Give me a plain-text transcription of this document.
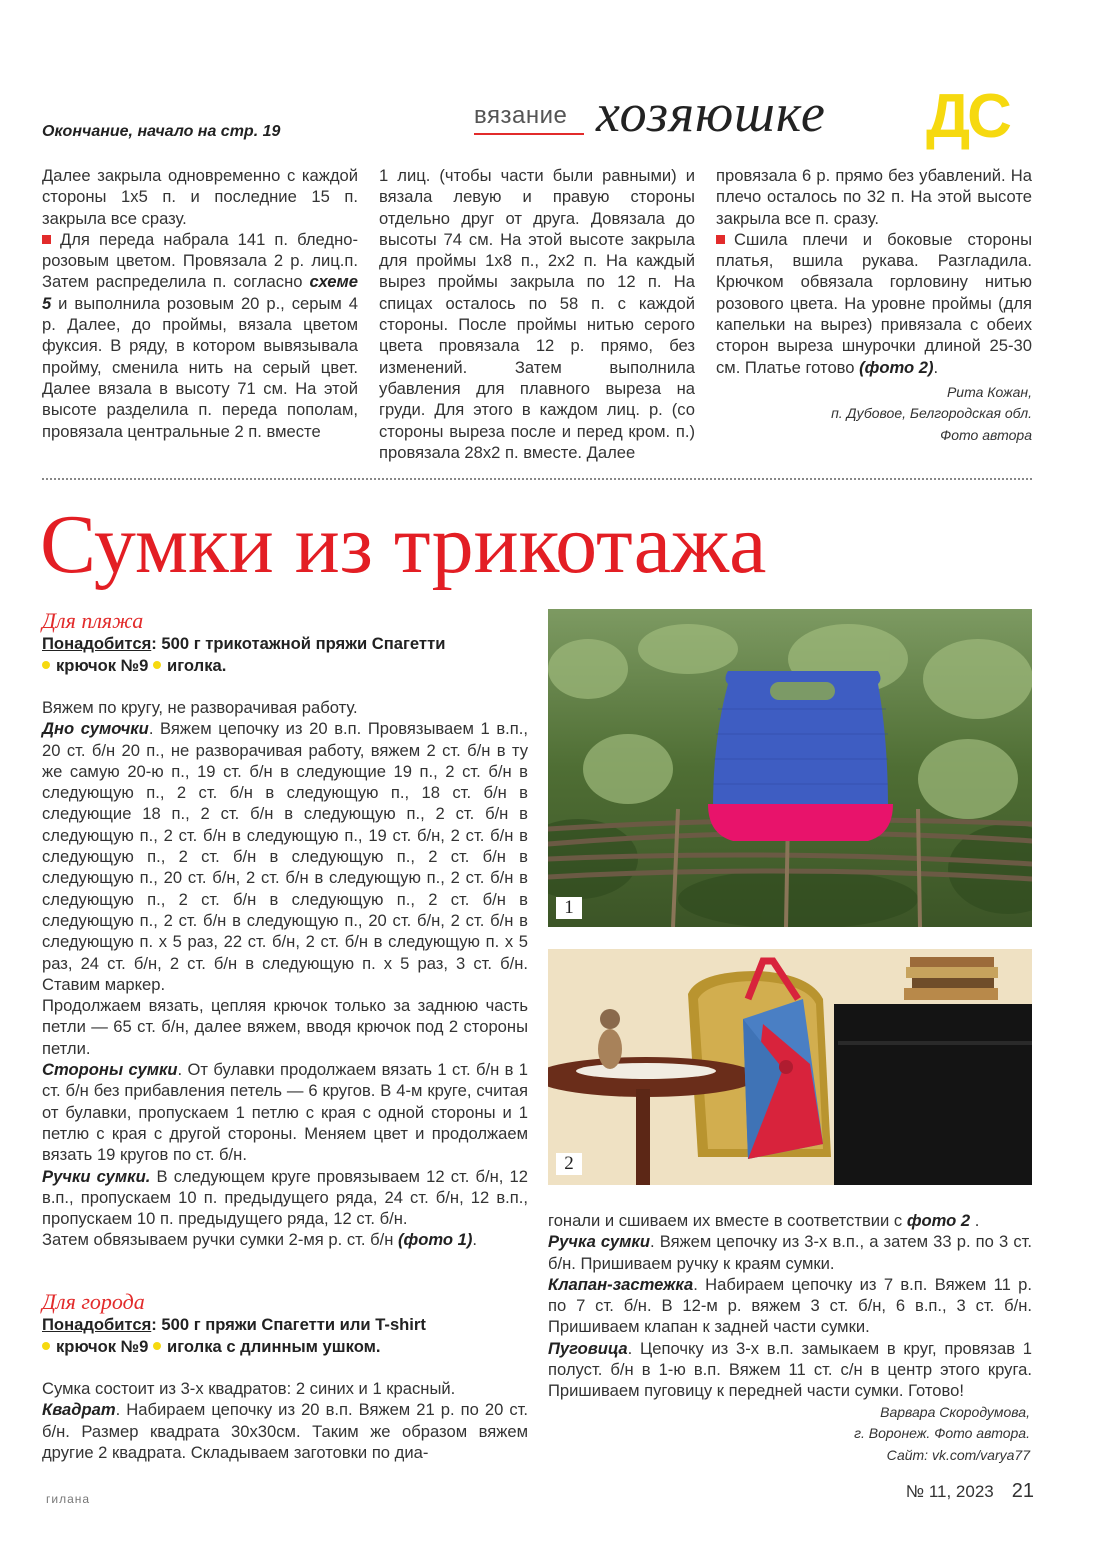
Окончание, начало на стр. 19
вязание хозяюшке ДС

Далее закрыла одновременно с каждой стороны 1х5 п. и последние 15 п. закрыла все сразу.

Для переда набрала 141 п. бледно-розовым цветом. Провязала 2 р. лиц.п. Затем распределила п. согласно схеме 5 и выполнила розовым 20 р., серым 4 р. Далее, до проймы, вязала цветом фуксия. В ряду, в котором вывязывала пройму, сменила нить на серый цвет. Далее вязала в высоту 71 см. На этой высоте разделила п. переда пополам, провязала центральные 2 п. вместе

1 лиц. (чтобы части были равными) и вязала левую и правую стороны отдельно друг от друга. Довязала до высоты 74 см. На этой высоте закрыла для проймы 1х8 п., 2х2 п. На каждый вырез проймы закрыла по 12 п. На спицах осталось по 58 п. с каждой стороны. После проймы нитью серого цвета провязала 12 р. прямо, без изменений. Затем выполнила убавления для плавного выреза на груди. Для этого в каждом лиц. р. (со стороны выреза после и перед кром. п.) провязала 28х2 п. вместе. Далее

провязала 6 р. прямо без убавлений. На плечо осталось по 32 п. На этой высоте закрыла все п. сразу.

Сшила плечи и боковые стороны платья, вшила рукава. Разгладила. Крючком обвязала горловину нитью розового цвета. На уровне проймы (для капельки на вырез) привязала с обеих сторон выреза шнурочки длиной 25-30 см. Платье готово (фото 2).

Рита Кожан,
п. Дубовое, Белгородская обл.
Фото автора
Сумки из трикотажа
Для пляжа
Понадобится: 500 г трикотажной пряжи Спагетти
крючок №9 иголка.

Вяжем по кругу, не разворачивая работу.

Дно сумочки. Вяжем цепочку из 20 в.п. Провязываем 1 в.п., 20 ст. б/н 20 п., не разворачивая работу, вяжем 2 ст. б/н в ту же самую 20-ю п., 19 ст. б/н в следующие 19 п., 2 ст. б/н в следующую п., 2 ст. б/н в следующую п., 18 ст. б/н в следующие 18 п., 2 ст. б/н в следующую п., 2 ст. б/н в следующую п., 2 ст. б/н в следующую п., 19 ст. б/н, 2 ст. б/н в следующую п., 2 ст. б/н в следующую п., 2 ст. б/н в следующую п., 20 ст. б/н, 2 ст. б/н в следующую п., 2 ст. б/н в следующую п., 2 ст. б/н в следующую п., 2 ст. б/н в следующую п., 2 ст. б/н в следующую п., 20 ст. б/н, 2 ст. б/н в следующую п. х 5 раз, 22 ст. б/н, 2 ст. б/н в следующую п. х 5 раз, 24 ст. б/н, 2 ст. б/н в следующую п. х 5 раз, 3 ст. б/н. Ставим маркер.

Продолжаем вязать, цепляя крючок только за заднюю часть петли — 65 ст. б/н, далее вяжем, вводя крючок под 2 стороны петли.

Стороны сумки. От булавки продолжаем вязать 1 ст. б/н в 1 ст. б/н без прибавления петель — 6 кругов. В 4-м круге, считая от булавки, пропускаем 1 петлю с края с одной стороны и 1 петлю с края с другой стороны. Меняем цвет и продолжаем вязать 19 кругов по ст. б/н.

Ручки сумки. В следующем круге провязываем 12 ст. б/н, 12 в.п., пропускаем 10 п. предыдущего ряда, 24 ст. б/н, 12 в.п., пропускаем 10 п. предыдущего ряда, 12 ст. б/н.

Затем обвязываем ручки сумки 2-мя р. ст. б/н (фото 1).

Для города
Понадобится: 500 г пряжи Спагетти или T-shirt
крючок №9 иголка с длинным ушком.

Сумка состоит из 3-х квадратов: 2 синих и 1 красный.

Квадрат. Набираем цепочку из 20 в.п. Вяжем 21 р. по 20 ст. б/н. Размер квадрата 30х30см. Таким же образом вяжем другие 2 квадрата. Складываем заготовки по диа-

гонали и сшиваем их вместе в соответствии с фото 2 .

Ручка сумки. Вяжем цепочку из 3-х в.п., а затем 33 р. по 3 ст. б/н. Пришиваем ручку к краям сумки.

Клапан-застежка. Набираем цепочку из 7 в.п. Вяжем 11 р. по 7 ст. б/н. В 12-м р. вяжем 3 ст. б/н, 6 в.п., 3 ст. б/н. Пришиваем клапан к задней части сумки.

Пуговица. Цепочку из 3-х в.п. замыкаем в круг, провязав 1 полуст. б/н в 1-ю в.п. Вяжем 11 ст. с/н в центр этого круга. Пришиваем пуговицу к передней части сумки. Готово!

Варвара Скородумова,
г. Воронеж. Фото автора.
Сайт: vk.com/varya77
1
2
гилана	№ 11, 2023 21
